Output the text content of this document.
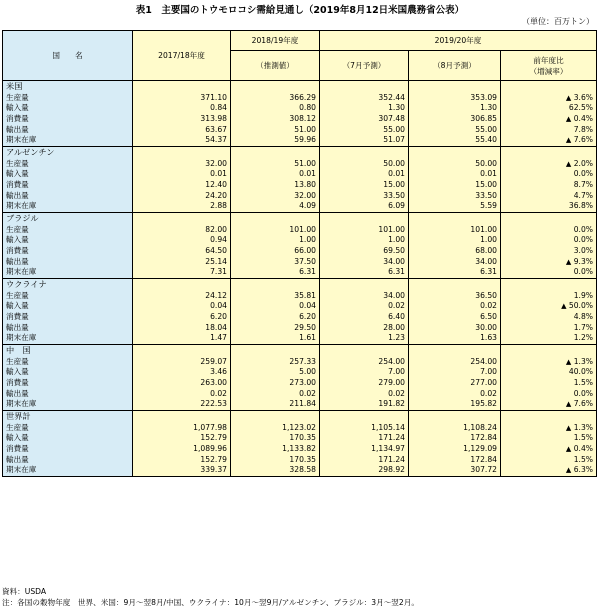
表1　主要国のトウモロコシ需給見通し（2019年8月12日米国農務省公表）
（単位：百万トン）
国　　名	2017/18年度	2018/19年度	2019/20年度		
		（推測値）	（7月予測）	（8月予測）	前年度比
（増減率）

米国					
生産量	371.10	366.29	352.44	353.09	▲ 3.6%
輸入量	0.84	0.80	1.30	1.30	62.5%
消費量	313.98	308.12	307.48	306.85	▲ 0.4%
輸出量	63.67	51.00	55.00	55.00	7.8%
期末在庫	54.37	59.96	51.07	55.40	▲ 7.6%
アルゼンチン					
生産量	32.00	51.00	50.00	50.00	▲ 2.0%
輸入量	0.01	0.01	0.01	0.01	0.0%
消費量	12.40	13.80	15.00	15.00	8.7%
輸出量	24.20	32.00	33.50	33.50	4.7%
期末在庫	2.88	4.09	6.09	5.59	36.8%
ブラジル					
生産量	82.00	101.00	101.00	101.00	0.0%
輸入量	0.94	1.00	1.00	1.00	0.0%
消費量	64.50	66.00	69.50	68.00	3.0%
輸出量	25.14	37.50	34.00	34.00	▲ 9.3%
期末在庫	7.31	6.31	6.31	6.31	0.0%
ウクライナ					
生産量	24.12	35.81	34.00	36.50	1.9%
輸入量	0.04	0.04	0.02	0.02	▲ 50.0%
消費量	6.20	6.20	6.40	6.50	4.8%
輸出量	18.04	29.50	28.00	30.00	1.7%
期末在庫	1.47	1.61	1.23	1.63	1.2%
中　国					
生産量	259.07	257.33	254.00	254.00	▲ 1.3%
輸入量	3.46	5.00	7.00	7.00	40.0%
消費量	263.00	273.00	279.00	277.00	1.5%
輸出量	0.02	0.02	0.02	0.02	0.0%
期末在庫	222.53	211.84	191.82	195.82	▲ 7.6%
世界計					
生産量	1,077.98	1,123.02	1,105.14	1,108.24	▲ 1.3%
輸入量	152.79	170.35	171.24	172.84	1.5%
消費量	1,089.96	1,133.82	1,134.97	1,129.09	▲ 0.4%
輸出量	152.79	170.35	171.24	172.84	1.5%
期末在庫	339.37	328.58	298.92	307.72	▲ 6.3%
資料：USDA
注：各国の穀物年度　世界、米国：9月～翌8月/中国、ウクライナ：10月～翌9月/アルゼンチン、ブラジル：3月～翌2月。
